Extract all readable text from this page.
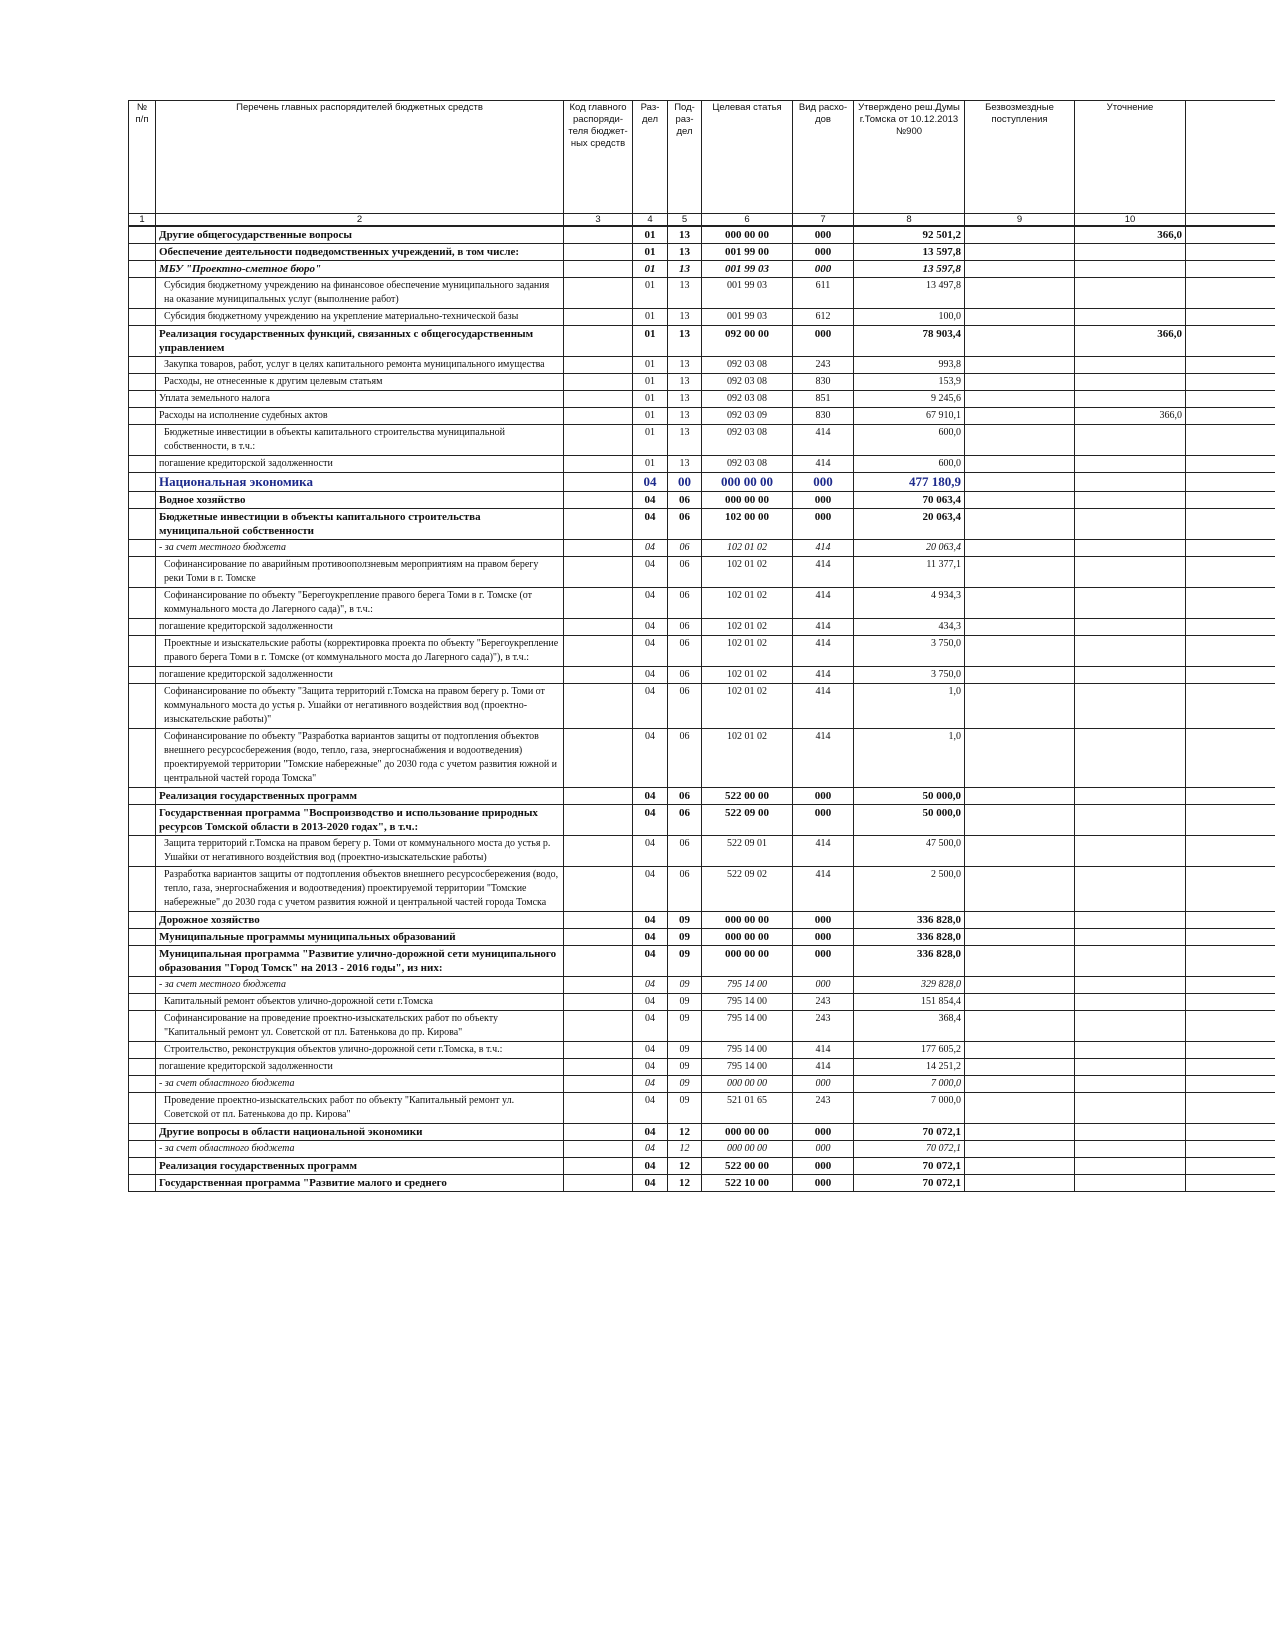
№ п/п	Перечень главных распорядителей бюджетных средств	Код главного распоряди-теля бюджет-ных средств	Раз-дел	Под-раз-дел	Целевая статья	Вид расхо-дов	Утверждено реш.Думы г.Томска от 10.12.2013 №900	Безвозмездные поступления	Уточнение	
1	2	3	4	5	6	7	8	9	10	
	Другие общегосударственные вопросы		01	13	000 00 00	000	92 501,2		366,0	
	Обеспечение деятельности подведомственных учреждений, в том числе:		01	13	001 99 00	000	13 597,8			
	МБУ "Проектно-сметное бюро"		01	13	001 99 03	000	13 597,8			
	Субсидия бюджетному учреждению на финансовое обеспечение муниципального задания на оказание муниципальных услуг (выполнение работ)		01	13	001 99 03	611	13 497,8			
	Субсидия бюджетному учреждению на укрепление материально-технической базы		01	13	001 99 03	612	100,0			
	Реализация государственных функций, связанных с общегосударственным управлением		01	13	092 00 00	000	78 903,4		366,0	
	Закупка товаров, работ, услуг в целях капитального ремонта муниципального имущества		01	13	092 03 08	243	993,8			
	Расходы, не отнесенные к другим целевым статьям		01	13	092 03 08	830	153,9			
	Уплата земельного налога		01	13	092 03 08	851	9 245,6			
	Расходы на исполнение судебных актов		01	13	092 03 09	830	67 910,1		366,0	
	Бюджетные инвестиции в объекты капитального строительства муниципальной собственности, в т.ч.:		01	13	092 03 08	414	600,0			
	погашение кредиторской задолженности		01	13	092 03 08	414	600,0			
	Национальная экономика		04	00	000 00 00	000	477 180,9			
	Водное хозяйство		04	06	000 00 00	000	70 063,4			
	Бюджетные инвестиции в объекты капитального строительства муниципальной собственности		04	06	102 00 00	000	20 063,4			
	- за счет местного бюджета		04	06	102 01 02	414	20 063,4			
	Софинансирование по аварийным противооползневым мероприятиям на правом берегу реки Томи в г. Томске		04	06	102 01 02	414	11 377,1			
	Софинансирование по объекту "Берегоукрепление правого берега Томи в г. Томске (от коммунального моста до Лагерного сада)", в т.ч.:		04	06	102 01 02	414	4 934,3			
	погашение кредиторской задолженности		04	06	102 01 02	414	434,3			
	Проектные и изыскательские работы (корректировка проекта по объекту "Берегоукрепление правого берега Томи в г. Томске (от коммунального моста до Лагерного сада)"), в т.ч.:		04	06	102 01 02	414	3 750,0			
	погашение кредиторской задолженности		04	06	102 01 02	414	3 750,0			
	Софинансирование по объекту "Защита территорий г.Томска на правом берегу р. Томи от коммунального моста до устья р. Ушайки от негативного воздействия вод (проектно-изыскательские работы)"		04	06	102 01 02	414	1,0			
	Софинансирование по объекту "Разработка вариантов защиты от подтопления объектов внешнего ресурсосбережения (водо, тепло, газа, энергоснабжения и водоотведения) проектируемой территории "Томские набережные" до 2030 года с учетом развития южной и центральной частей города Томска"		04	06	102 01 02	414	1,0			
	Реализация государственных программ		04	06	522 00 00	000	50 000,0			
	Государственная программа "Воспроизводство и использование природных ресурсов Томской области в 2013-2020 годах", в т.ч.:		04	06	522 09 00	000	50 000,0			
	Защита территорий г.Томска на правом берегу р. Томи от коммунального моста до устья р. Ушайки от негативного воздействия вод (проектно-изыскательские работы)		04	06	522 09 01	414	47 500,0			
	Разработка вариантов защиты от подтопления объектов внешнего ресурсосбережения (водо, тепло, газа, энергоснабжения и водоотведения) проектируемой территории "Томские набережные" до 2030 года с учетом развития южной и центральной частей города Томска		04	06	522 09 02	414	2 500,0			
	Дорожное хозяйство		04	09	000 00 00	000	336 828,0			
	Муниципальные программы муниципальных образований		04	09	000 00 00	000	336 828,0			
	Муниципальная программа "Развитие улично-дорожной сети муниципального образования "Город Томск" на 2013 - 2016 годы", из них:		04	09	000 00 00	000	336 828,0			
	- за счет местного бюджета		04	09	795 14 00	000	329 828,0			
	Капитальный ремонт объектов улично-дорожной сети г.Томска		04	09	795 14 00	243	151 854,4			
	Софинансирование на проведение проектно-изыскательских работ по объекту "Капитальный ремонт ул. Советской от пл. Батенькова до пр. Кирова"		04	09	795 14 00	243	368,4			
	Строительство, реконструкция объектов улично-дорожной сети г.Томска, в т.ч.:		04	09	795 14 00	414	177 605,2			
	погашение кредиторской задолженности		04	09	795 14 00	414	14 251,2			
	- за счет областного бюджета		04	09	000 00 00	000	7 000,0			
	Проведение проектно-изыскательских работ по объекту "Капитальный ремонт ул. Советской от пл. Батенькова до пр. Кирова"		04	09	521 01 65	243	7 000,0			
	Другие вопросы в области национальной экономики		04	12	000 00 00	000	70 072,1			
	- за счет областного бюджета		04	12	000 00 00	000	70 072,1			
	Реализация государственных программ		04	12	522 00 00	000	70 072,1			
	Государственная программа "Развитие малого и среднего		04	12	522 10 00	000	70 072,1			
